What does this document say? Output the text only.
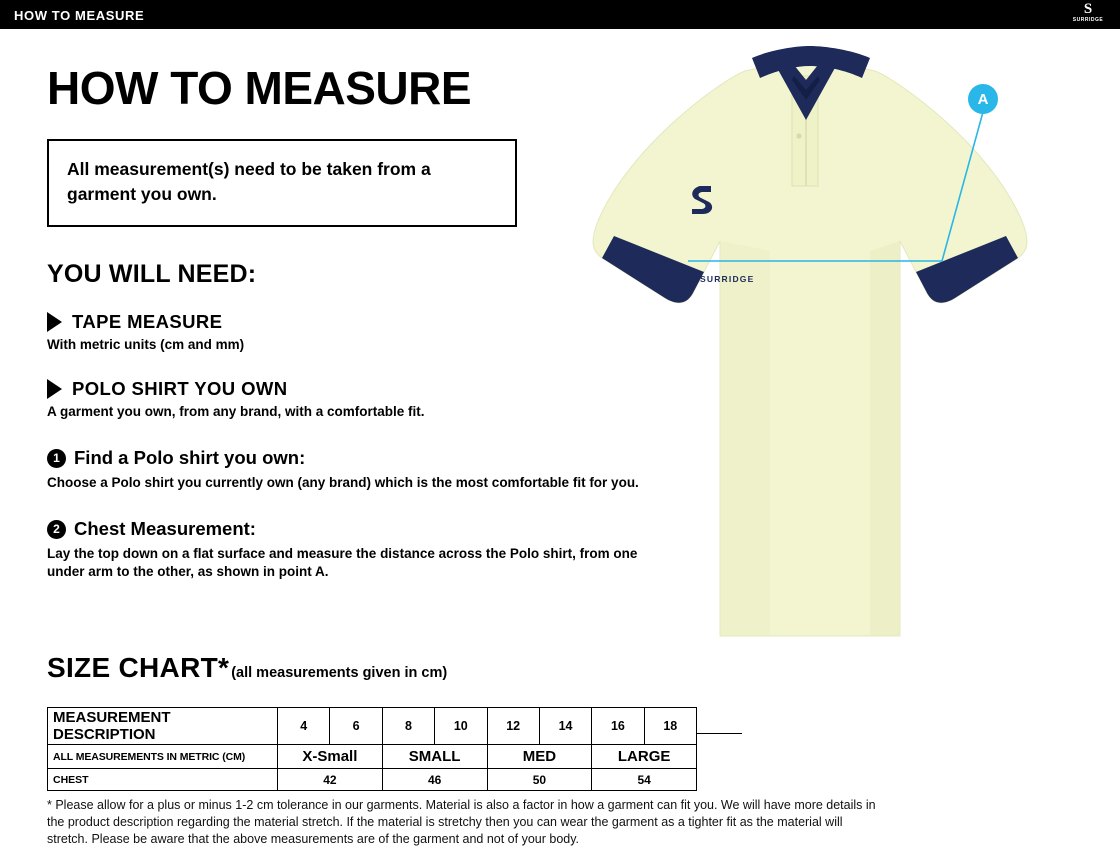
HOW TO MEASURE	S
SURRIDGE
HOW TO MEASURE

All measurement(s) need to be taken from a garment you own.

YOU WILL NEED:
TAPE MEASURE
With metric units (cm and mm)
POLO SHIRT YOU OWN
A garment you own, from any brand, with a comfortable fit.
1 Find a Polo shirt you own:
Choose a Polo shirt you currently own (any brand) which is the most comfortable fit for you.
2 Chest Measurement:
Lay the top down on a flat surface and measure the distance across the Polo shirt, from one under arm to the other, as shown in point A.
SURRIDGE
A
SIZE CHART* (all measurements given in cm)
MEASUREMENT DESCRIPTION	4	6	8	10	12	14	16	18
ALL MEASUREMENTS IN METRIC (CM)	X-Small		SMALL		MED		LARGE	
CHEST	42		46		50		54	
* Please allow for a plus or minus 1-2 cm tolerance in our garments. Material is also a factor in how a garment can fit you. We will have more details in the product description regarding the material stretch. If the material is stretchy then you can wear the garment as a tighter fit as the material will stretch. Please be aware that the above measurements are of the garment and not of your body.
